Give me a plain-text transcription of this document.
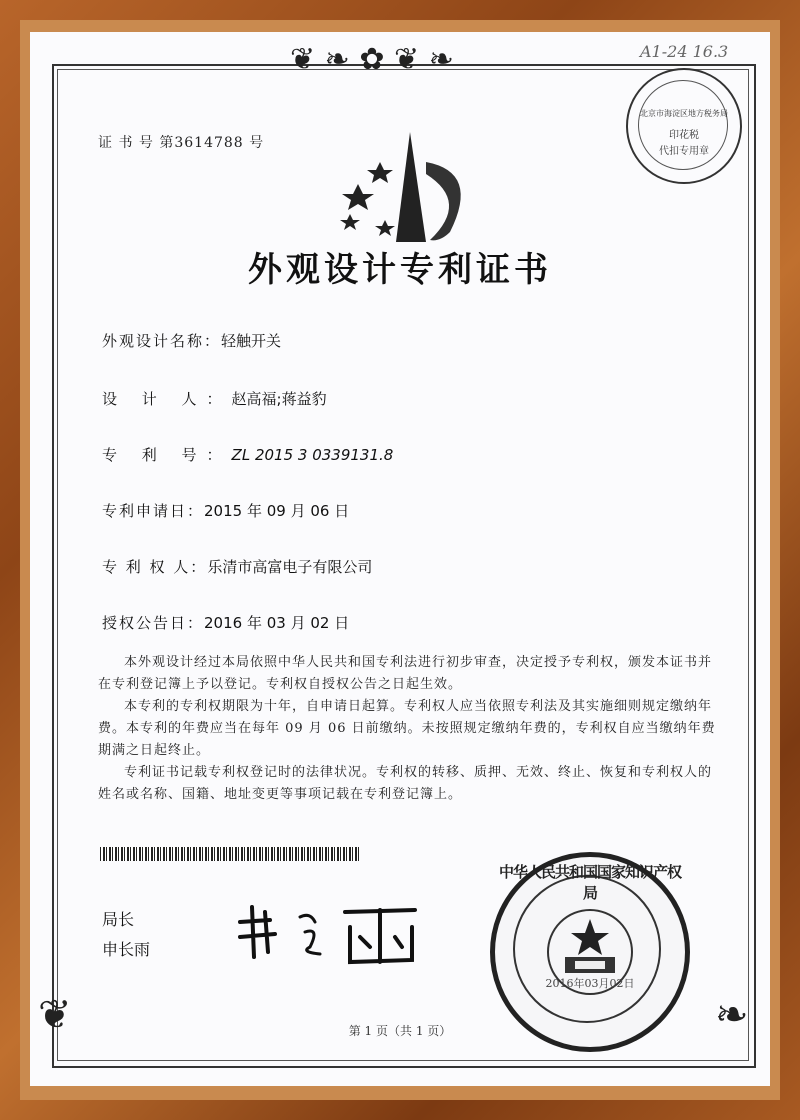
❦ ❧ ✿ ❦ ❧
❦	❧
A1-24 16.3
证 书 号 第3614788 号
北京市海淀区地方税务局
印花税
代扣专用章
外观设计专利证书
外观设计名称：轻触开关
设 计 人：赵高福;蒋益豹
专 利 号：ZL 2015 3 0339131.8
专利申请日：2015 年 09 月 06 日
专 利 权 人：乐清市高富电子有限公司
授权公告日：2016 年 03 月 02 日

本外观设计经过本局依照中华人民共和国专利法进行初步审查，决定授予专利权，颁发本证书并在专利登记簿上予以登记。专利权自授权公告之日起生效。

本专利的专利权期限为十年，自申请日起算。专利权人应当依照专利法及其实施细则规定缴纳年费。本专利的年费应当在每年 09 月 06 日前缴纳。未按照规定缴纳年费的，专利权自应当缴纳年费期满之日起终止。

专利证书记载专利权登记时的法律状况。专利权的转移、质押、无效、终止、恢复和专利权人的姓名或名称、国籍、地址变更等事项记载在专利登记簿上。

局长
申长雨
2016年03月02日
中华人民共和国国家知识产权局
第 1 页（共 1 页）
